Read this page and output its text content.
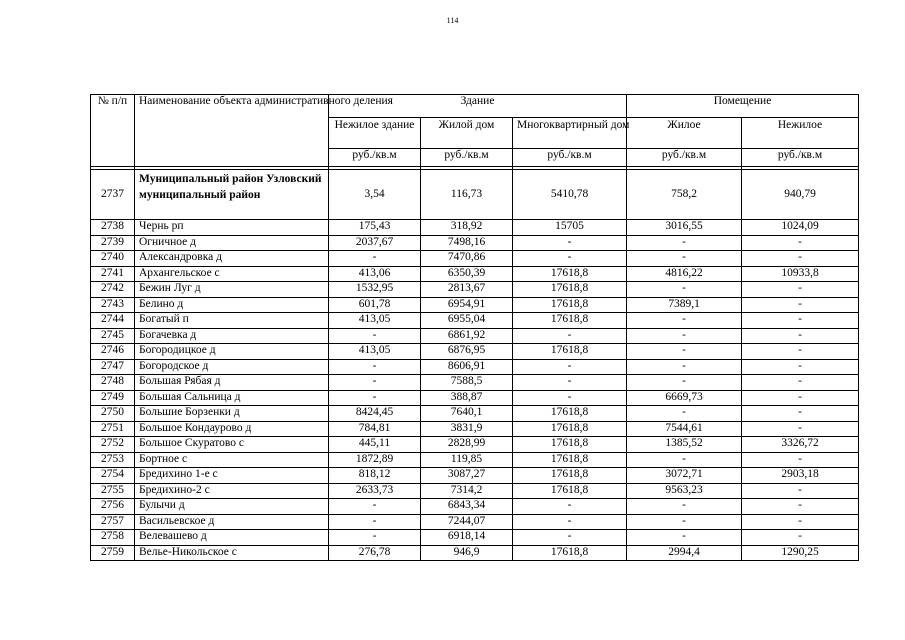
114
№ п/п	Наименование объекта административного деления	Здание			Помещение	
		Нежилое здание	Жилой дом	Многоквартирный дом	Жилое	Нежилое
		руб./кв.м	руб./кв.м	руб./кв.м	руб./кв.м	руб./кв.м

2737	Муниципальный район Узловский муниципальный район	3,54	116,73	5410,78	758,2	940,79
2738	Чернь рп	175,43	318,92	15705	3016,55	1024,09
2739	Огничное д	2037,67	7498,16	-	-	-
2740	Александровка д	-	7470,86	-	-	-
2741	Архангельское с	413,06	6350,39	17618,8	4816,22	10933,8
2742	Бежин Луг д	1532,95	2813,67	17618,8	-	-
2743	Белино д	601,78	6954,91	17618,8	7389,1	-
2744	Богатый п	413,05	6955,04	17618,8	-	-
2745	Богачевка д	-	6861,92	-	-	-
2746	Богородицкое д	413,05	6876,95	17618,8	-	-
2747	Богородское д	-	8606,91	-	-	-
2748	Большая Рябая д	-	7588,5	-	-	-
2749	Большая Сальница д	-	388,87	-	6669,73	-
2750	Большие Борзенки д	8424,45	7640,1	17618,8	-	-
2751	Большое Кондаурово д	784,81	3831,9	17618,8	7544,61	-
2752	Большое Скуратово с	445,11	2828,99	17618,8	1385,52	3326,72
2753	Бортное с	1872,89	119,85	17618,8	-	-
2754	Бредихино 1-е с	818,12	3087,27	17618,8	3072,71	2903,18
2755	Бредихино-2 с	2633,73	7314,2	17618,8	9563,23	-
2756	Булычи д	-	6843,34	-	-	-
2757	Васильевское д	-	7244,07	-	-	-
2758	Велевашево д	-	6918,14	-	-	-
2759	Велье-Никольское с	276,78	946,9	17618,8	2994,4	1290,25
